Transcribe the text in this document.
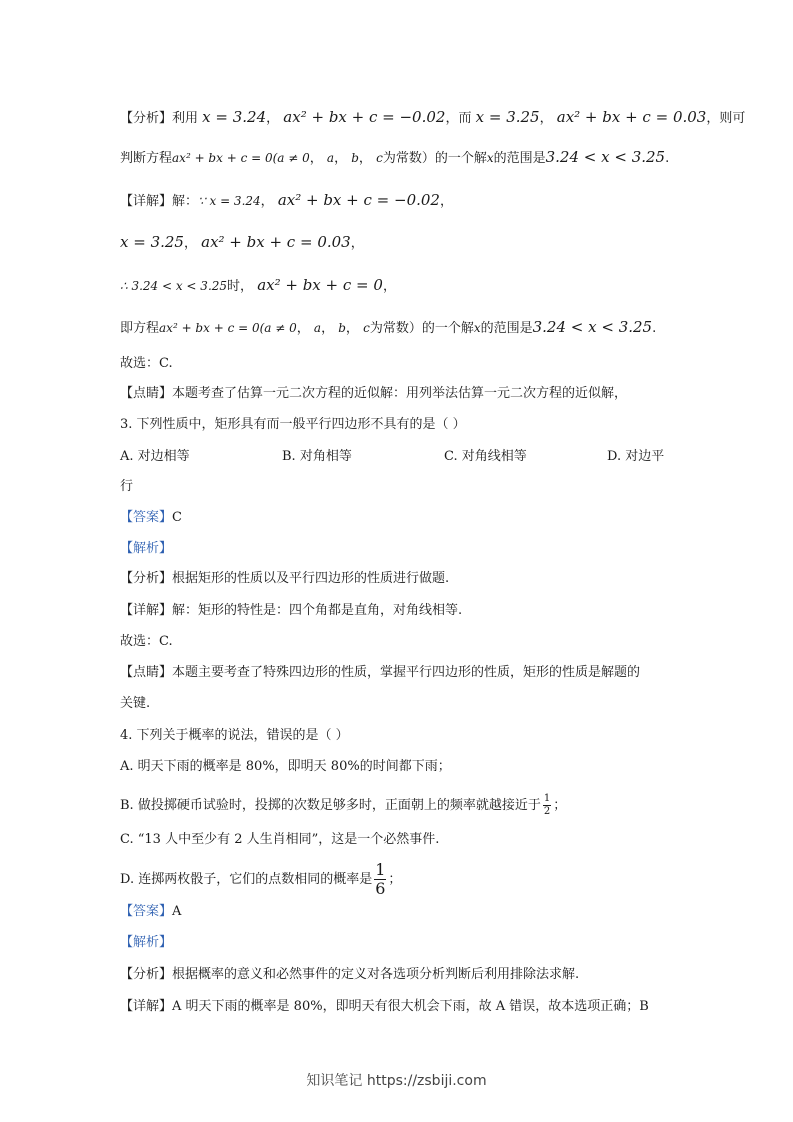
【分析】利用 x = 3.24， ax² + bx + c = −0.02，而 x = 3.25， ax² + bx + c = 0.03，则可
判断方程ax² + bx + c = 0(a ≠ 0， a， b， c为常数）的一个解x的范围是3.24 < x < 3.25.
【详解】解：∵ x = 3.24， ax² + bx + c = −0.02，
x = 3.25， ax² + bx + c = 0.03，
∴ 3.24 < x < 3.25时， ax² + bx + c = 0，
即方程ax² + bx + c = 0(a ≠ 0， a， b， c为常数）的一个解x的范围是3.24 < x < 3.25.
故选：C.
【点睛】本题考查了估算一元二次方程的近似解：用列举法估算一元二次方程的近似解，
3. 下列性质中，矩形具有而一般平行四边形不具有的是（ ）
A. 对边相等	B. 对角相等	C. 对角线相等	D. 对边平
行
【答案】C
【解析】
【分析】根据矩形的性质以及平行四边形的性质进行做题.
【详解】解：矩形的特性是：四个角都是直角，对角线相等.
故选：C.
【点睛】本题主要考查了特殊四边形的性质，掌握平行四边形的性质，矩形的性质是解题的
关键.
4. 下列关于概率的说法，错误的是（ ）
A. 明天下雨的概率是 80%，即明天 80%的时间都下雨；
B. 做投掷硬币试验时，投掷的次数足够多时，正面朝上的频率就越接近于 $\frac{1}{2}$ ；
C. “13 人中至少有 2 人生肖相同”，这是一个必然事件.
D. 连掷两枚骰子，它们的点数相同的概率是 $\frac{1}{6}$ ；
【答案】A
【解析】
【分析】根据概率的意义和必然事件的定义对各选项分析判断后利用排除法求解.
【详解】A 明天下雨的概率是 80%，即明天有很大机会下雨，故 A 错误，故本选项正确；B
知识笔记 https://zsbiji.com
